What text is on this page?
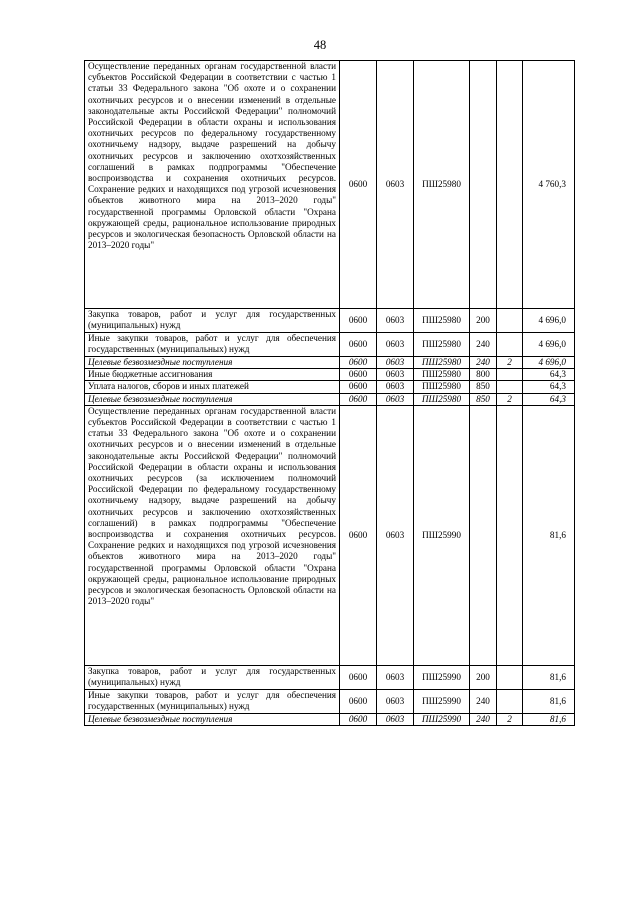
48
Осуществление переданных органам государственной власти субъектов Российской Федерации в соответствии с частью 1 статьи 33 Федерального закона "Об охоте и о сохранении охотничьих ресурсов и о внесении изменений в отдельные законодательные акты Российской Федерации" полномочий Российской Федерации в области охраны и использования охотничьих ресурсов по федеральному государственному охотничьему надзору, выдаче разрешений на добычу охотничьих ресурсов и заключению охотхозяйственных соглашений в рамках подпрограммы "Обеспечение воспроизводства и сохранения охотничьих ресурсов. Сохранение редких и находящихся под угрозой исчезновения объектов животного мира на 2013–2020 годы" государственной программы Орловской области "Охрана окружающей среды, рациональное использование природных ресурсов и экологическая безопасность Орловской области на 2013–2020 годы"	0600	0603	ПШ25980			4 760,3
Закупка товаров, работ и услуг для государственных (муниципальных) нужд	0600	0603	ПШ25980	200		4 696,0
Иные закупки товаров, работ и услуг для обеспечения государственных (муниципальных) нужд	0600	0603	ПШ25980	240		4 696,0
Целевые безвозмездные поступления	0600	0603	ПШ25980	240	2	4 696,0
Иные бюджетные ассигнования	0600	0603	ПШ25980	800		64,3
Уплата налогов, сборов и иных платежей	0600	0603	ПШ25980	850		64,3
Целевые безвозмездные поступления	0600	0603	ПШ25980	850	2	64,3
Осуществление переданных органам государственной власти субъектов Российской Федерации в соответствии с частью 1 статьи 33 Федерального закона "Об охоте и о сохранении охотничьих ресурсов и о внесении изменений в отдельные законодательные акты Российской Федерации" полномочий Российской Федерации в области охраны и использования охотничьих ресурсов (за исключением полномочий Российской Федерации по федеральному государственному охотничьему надзору, выдаче разрешений на добычу охотничьих ресурсов и заключению охотхозяйственных соглашений) в рамках подпрограммы "Обеспечение воспроизводства и сохранения охотничьих ресурсов. Сохранение редких и находящихся под угрозой исчезновения объектов животного мира на 2013–2020 годы" государственной программы Орловской области "Охрана окружающей среды, рациональное использование природных ресурсов и экологическая безопасность Орловской области на 2013–2020 годы"	0600	0603	ПШ25990			81,6
Закупка товаров, работ и услуг для государственных (муниципальных) нужд	0600	0603	ПШ25990	200		81,6
Иные закупки товаров, работ и услуг для обеспечения государственных (муниципальных) нужд	0600	0603	ПШ25990	240		81,6
Целевые безвозмездные поступления	0600	0603	ПШ25990	240	2	81,6
